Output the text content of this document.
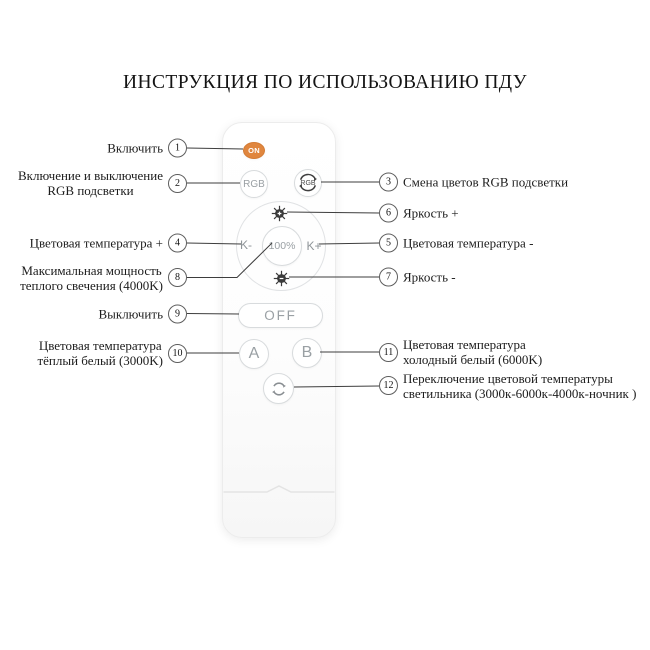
ИНСТРУКЦИЯ ПО ИСПОЛЬЗОВАНИЮ ПДУ
ON
RGB	RGB
100%
K-	K+
OFF
A	B
Включить	1
Включение и выключение
RGB подсветки	2
Цветовая температура +	4
Максимальная мощность
теплого свечения (4000K)	8
Выключить	9
Цветовая температура
тёплый белый (3000K) 10
3 Смена цветов RGB подсветки
6 Яркость +
5 Цветовая температура -
7 Яркость -
11 Цветовая температура
холодный белый (6000K)
12 Переключение цветовой температуры
светильника (3000к-6000к-4000к-ночник )
